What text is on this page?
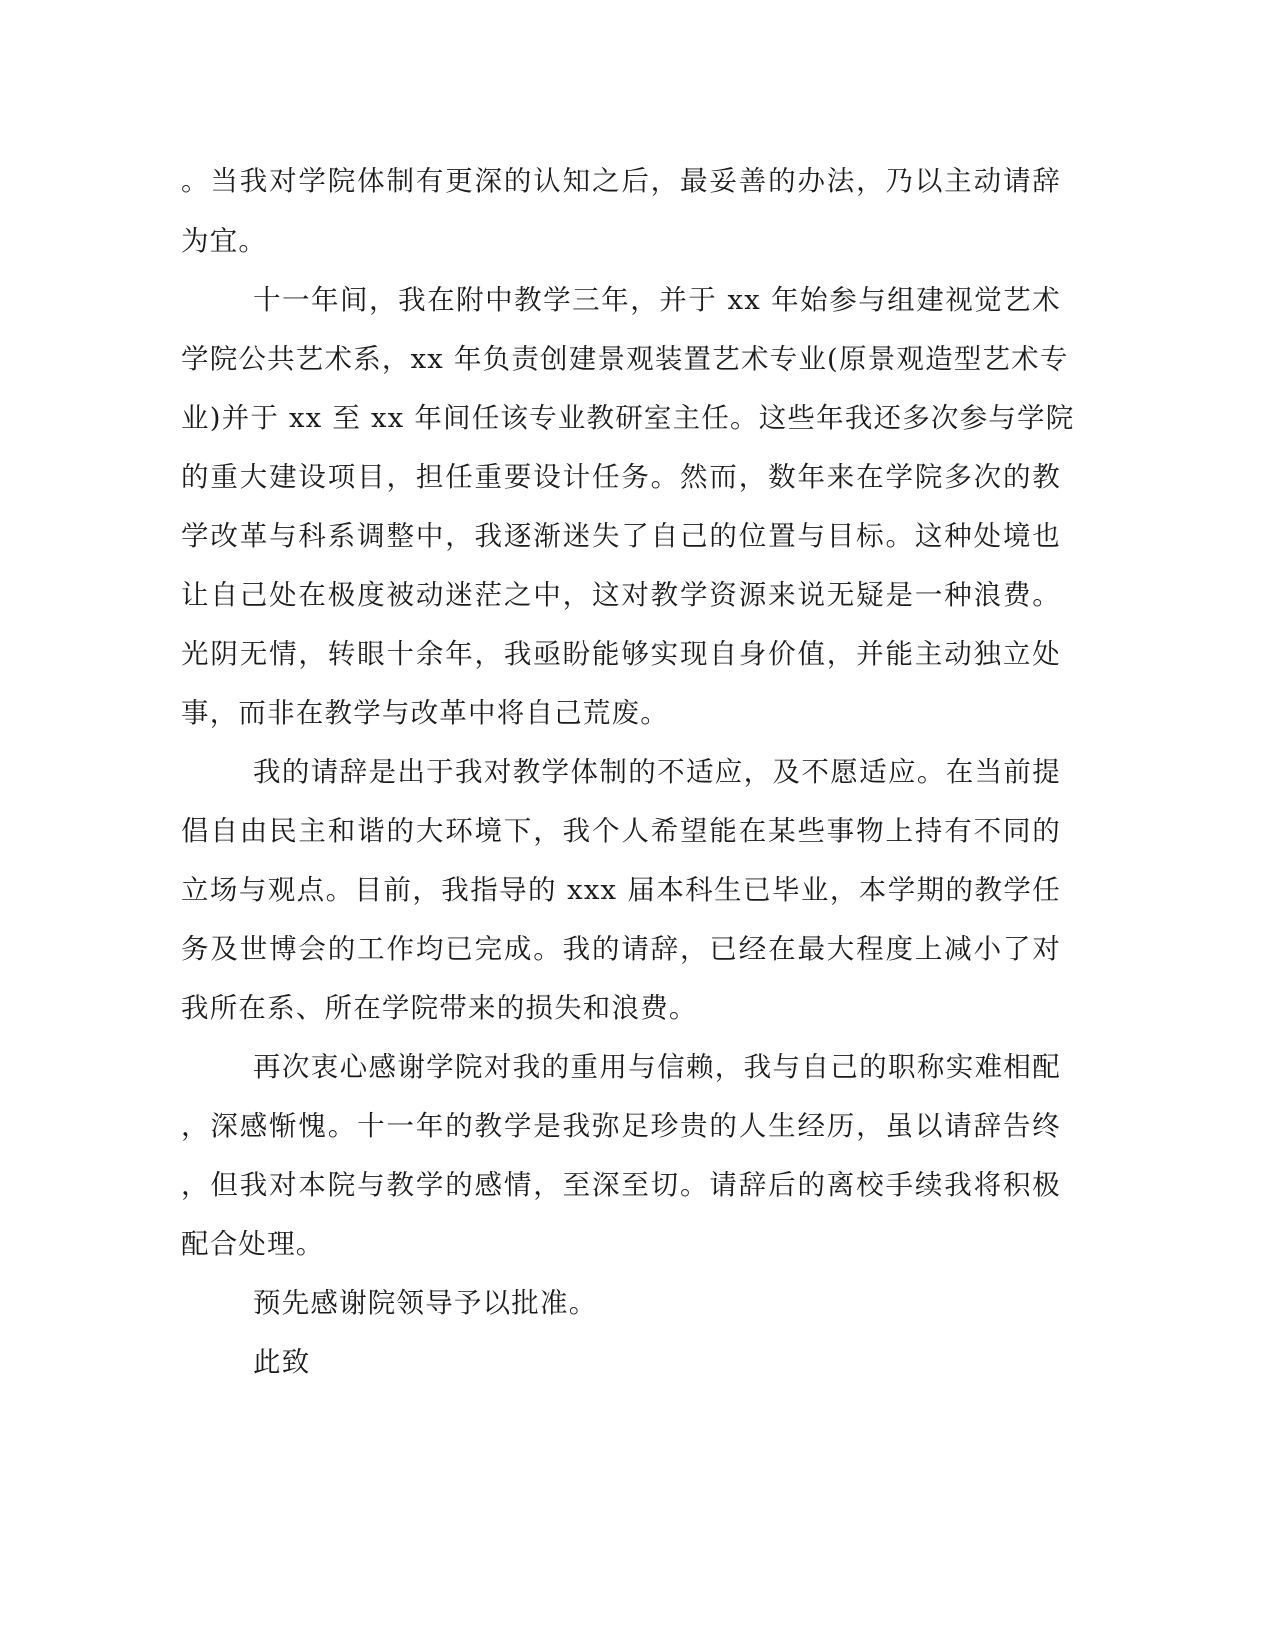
。当我对学院体制有更深的认知之后，最妥善的办法，乃以主动请辞
为宜。
十一年间，我在附中教学三年，并于 xx 年始参与组建视觉艺术
学院公共艺术系，xx 年负责创建景观装置艺术专业(原景观造型艺术专
业)并于 xx 至 xx 年间任该专业教研室主任。这些年我还多次参与学院
的重大建设项目，担任重要设计任务。然而，数年来在学院多次的教
学改革与科系调整中，我逐渐迷失了自己的位置与目标。这种处境也
让自己处在极度被动迷茫之中，这对教学资源来说无疑是一种浪费。
光阴无情，转眼十余年，我亟盼能够实现自身价值，并能主动独立处
事，而非在教学与改革中将自己荒废。
我的请辞是出于我对教学体制的不适应，及不愿适应。在当前提
倡自由民主和谐的大环境下，我个人希望能在某些事物上持有不同的
立场与观点。目前，我指导的 xxx 届本科生已毕业，本学期的教学任
务及世博会的工作均已完成。我的请辞，已经在最大程度上减小了对
我所在系、所在学院带来的损失和浪费。
再次衷心感谢学院对我的重用与信赖，我与自己的职称实难相配
，深感惭愧。十一年的教学是我弥足珍贵的人生经历，虽以请辞告终
，但我对本院与教学的感情，至深至切。请辞后的离校手续我将积极
配合处理。
预先感谢院领导予以批准。
此致
